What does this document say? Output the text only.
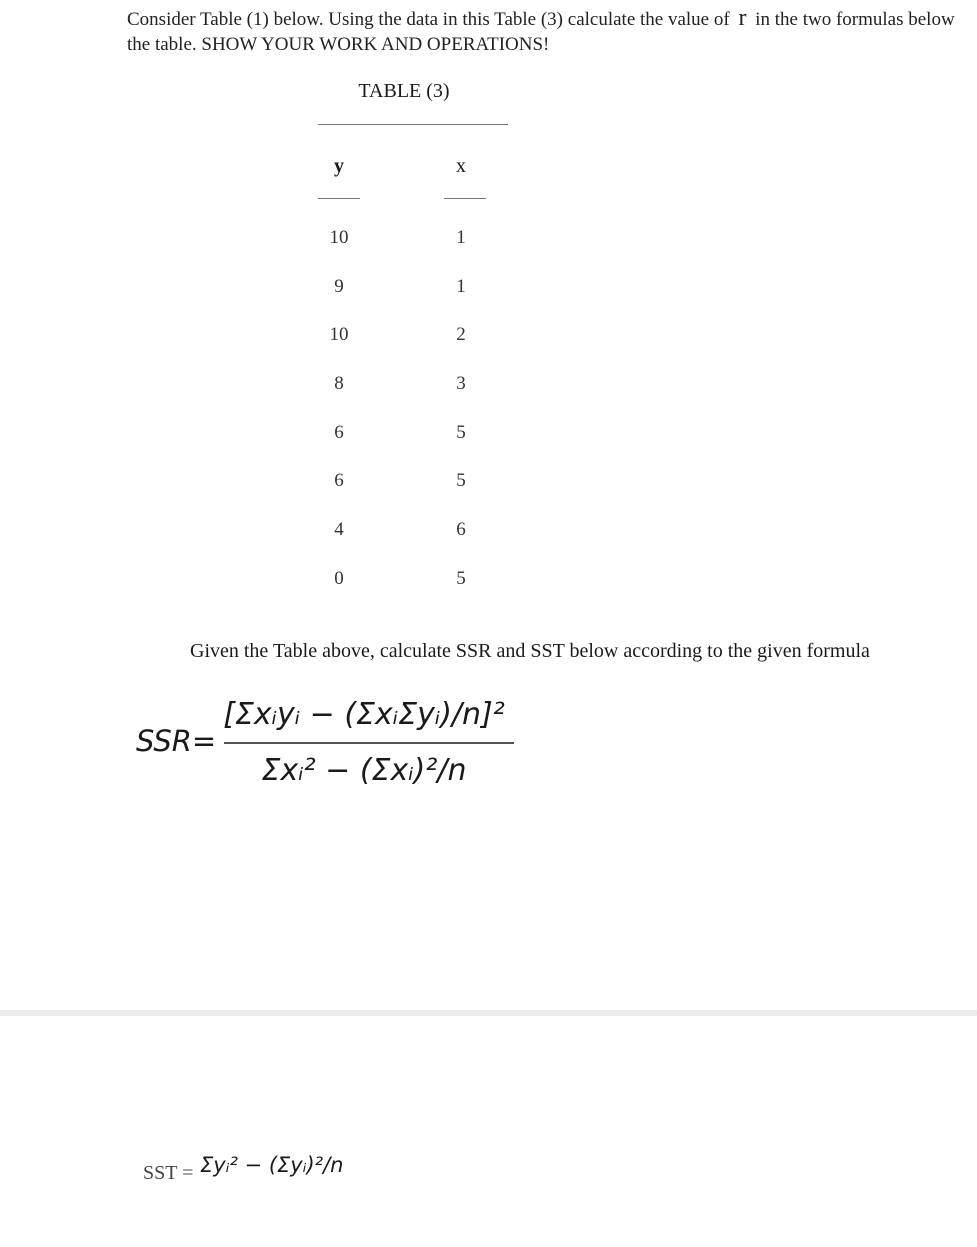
Consider Table (1) below. Using the data in this Table (3) calculate the value of r in the two formulas below the table. SHOW YOUR WORK AND OPERATIONS!
TABLE (3)
y	x
10	1
9	1
10	2
8	3
6	5
6	5
4	6
0	5
Given the Table above, calculate SSR and SST below according to the given formula
SSR=
[Σxᵢyᵢ − (ΣxᵢΣyᵢ)/n]²
Σxᵢ² − (Σxᵢ)²/n
SST = Σyᵢ² − (Σyᵢ)²/n
